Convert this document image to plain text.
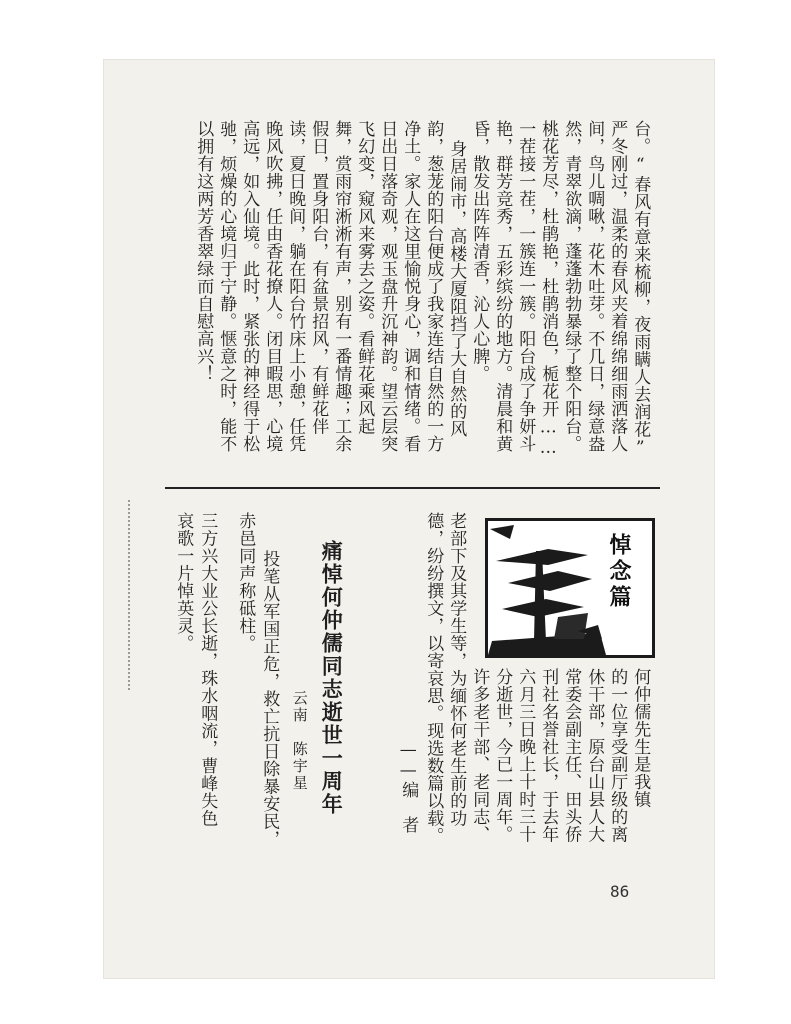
台。“春风有意来梳柳，夜雨瞒人去润花”
严冬刚过，温柔的春风夹着绵绵细雨洒落人
间，鸟儿啁啾，花木吐芽。不几日，绿意盎
然，青翠欲滴，蓬蓬勃勃暴绿了整个阳台。
桃花芳尽，杜鹃艳，杜鹃消色，栀花开……
一茬接一茬，一簇连一簇。阳台成了争妍斗
艳，群芳竞秀，五彩缤纷的地方。清晨和黄
昏，散发出阵阵清香，沁人心脾。
身居闹市，高楼大厦阻挡了大自然的风
韵，葱茏的阳台便成了我家连结自然的一方
净土。家人在这里愉悦身心，调和情绪。看
日出日落奇观，观玉盘升沉神韵。望云层突
飞幻变，窥风来雾去之姿。看鲜花乘风起
舞，赏雨帘淅淅有声，别有一番情趣；工余
假日，置身阳台，有盆景招风，有鲜花伴
读，夏日晚间，躺在阳台竹床上小憩，任凭
晚风吹拂，任由香花撩人。闭目暇思，心境
高远，如入仙境。此时，紧张的神经得于松
驰，烦燥的心境归于宁静。惬意之时，能不
以拥有这两芳香翠绿而自慰高兴！
悼念篇
何仲儒先生是我镇
的一位享受副厅级的离
休干部，原台山县人大
常委会副主任、田头侨
刊社名誉社长，于去年
六月三日晚上十时三十
分逝世，今已一周年。
许多老干部、老同志、
老部下及其学生等，为缅怀何老生前的功
德，纷纷撰文，以寄哀思。现选数篇以载。
——编　者
痛悼何仲儒同志逝世一周年
云南　陈宇星
投笔从军国正危，救亡抗日除暴安民，
赤邑同声称砥柱。
三方兴大业公长逝，珠水咽流，曹峰失色
哀歌一片悼英灵。
86
